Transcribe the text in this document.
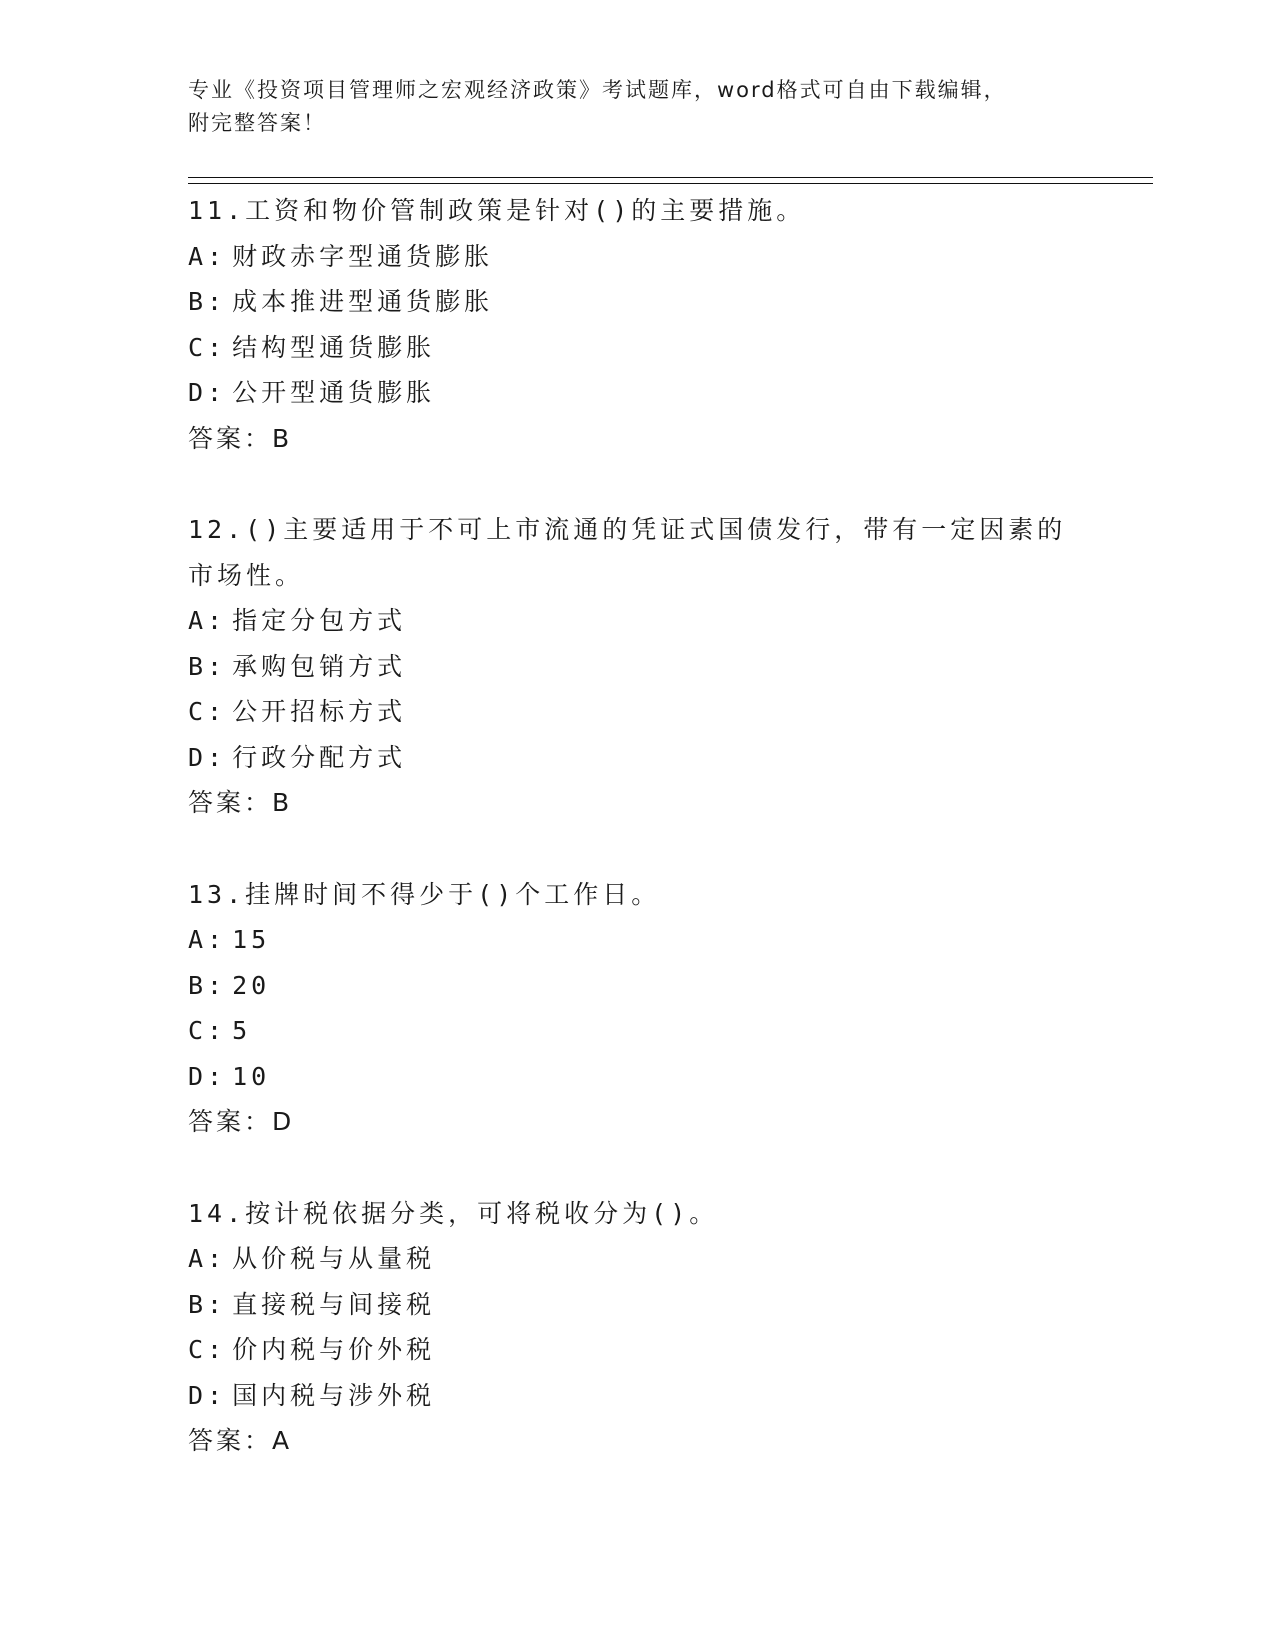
专业《投资项目管理师之宏观经济政策》考试题库，word格式可自由下载编辑，
附完整答案！
11.工资和物价管制政策是针对()的主要措施。
A: 财政赤字型通货膨胀
B: 成本推进型通货膨胀
C: 结构型通货膨胀
D: 公开型通货膨胀
答案：B
12.()主要适用于不可上市流通的凭证式国债发行，带有一定因素的市场性。
A: 指定分包方式
B: 承购包销方式
C: 公开招标方式
D: 行政分配方式
答案：B
13.挂牌时间不得少于()个工作日。
A: 15
B: 20
C: 5
D: 10
答案：D
14.按计税依据分类，可将税收分为()。
A: 从价税与从量税
B: 直接税与间接税
C: 价内税与价外税
D: 国内税与涉外税
答案：A
